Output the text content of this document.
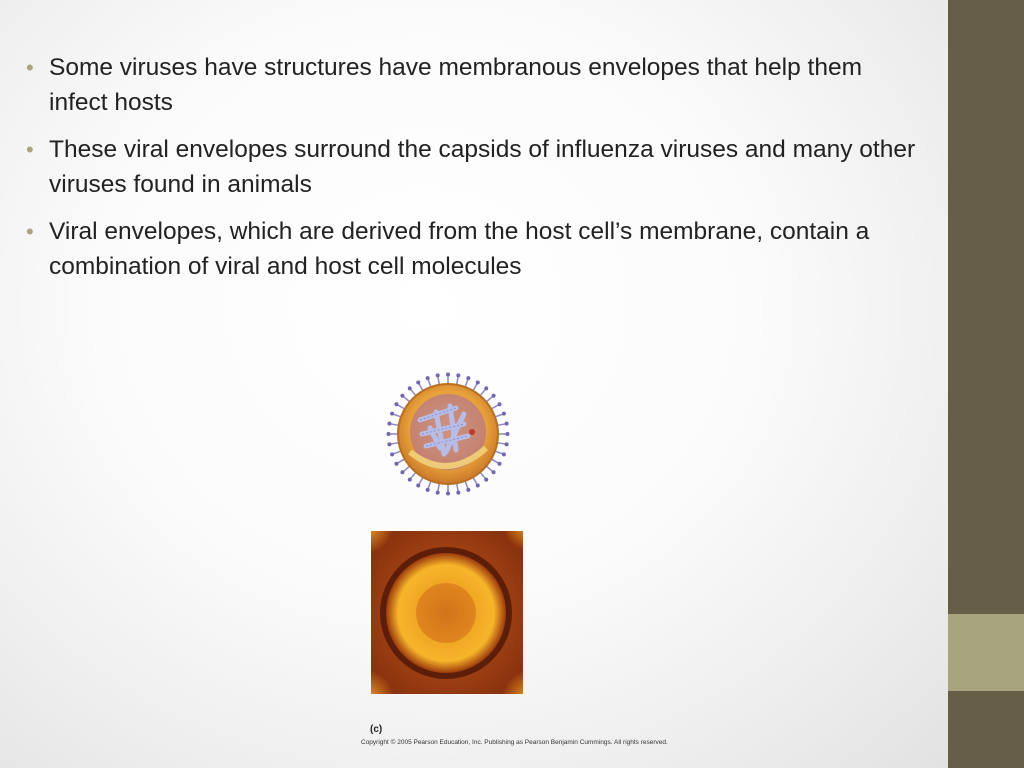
• Some viruses have structures have membranous envelopes that help them infect hosts
• These viral envelopes surround the capsids of influenza viruses and many other viruses found in animals
• Viral envelopes, which are derived from the host cell’s membrane, contain a combination of viral and host cell molecules
(c)
Copyright © 2005 Pearson Education, Inc. Publishing as Pearson Benjamin Cummings. All rights reserved.
